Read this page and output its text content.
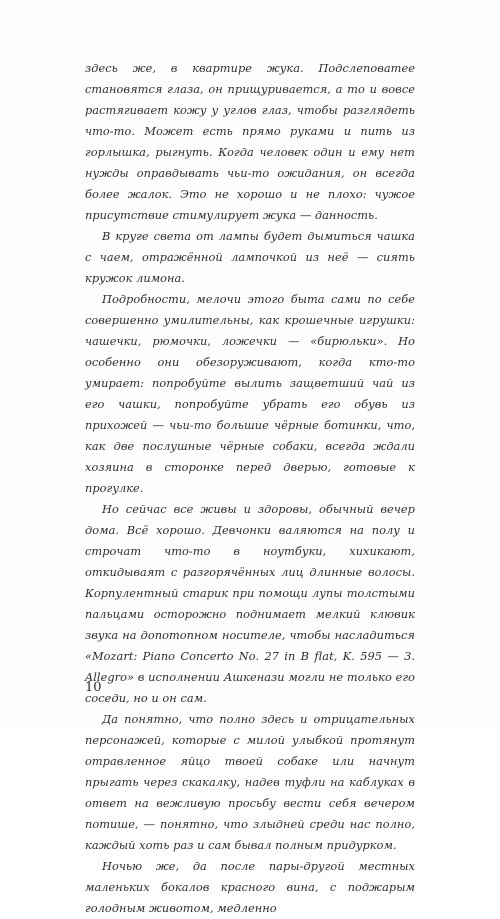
здесь же, в квартире жука. Подслеповатее становятся глаза, он прищуривается, а то и вовсе растягивает кожу у углов глаз, чтобы разглядеть что-то. Может есть прямо руками и пить из горлышка, рыгнуть. Когда человек один и ему нет нужды оправдывать чьи-то ожидания, он всегда более жалок. Это не хорошо и не плохо: чужое присутствие стимулирует жука — данность.

В круге света от лампы будет дымиться чашка с чаем, отражённой лампочкой из неё — сиять кружок лимона.

Подробности, мелочи этого быта сами по себе совершенно умилительны, как крошечные игрушки: чашечки, рюмочки, ложечки — «бирюльки». Но особенно они обезоруживают, когда кто-то умирает: попробуйте вылить защветший чай из его чашки, попробуйте убрать его обувь из прихожей — чьи-то большие чёрные ботинки, что, как две послушные чёрные собаки, всегда ждали хозяина в сторонке перед дверью, готовые к прогулке.

Но сейчас все живы и здоровы, обычный вечер дома. Всё хорошо. Девчонки валяются на полу и строчат что-то в ноутбуки, хихикают, откидываят с разгорячённых лиц длинные волосы. Корпулентный старик при помощи лупы толстыми пальцами осторожно поднимает мелкий клювик звука на допотопном носителе, чтобы насладиться «Mozart: Piano Concerto No. 27 in B flat, K. 595 — 3. Allegro» в исполнении Ашкенази могли не только его соседи, но и он сам.

Да понятно, что полно здесь и отрицательных персонажей, которые с милой улыбкой протянут отравленное яйцо твоей собаке или начнут прыгать через скакалку, надев туфли на каблуках в ответ на вежливую просьбу вести себя вечером потише, — понятно, что злыдней среди нас полно, каждый хоть раз и сам бывал полным придурком.

Ночью же, да после пары-другой местных маленьких бокалов красного вина, с поджарым голодным животом, медленно

10
